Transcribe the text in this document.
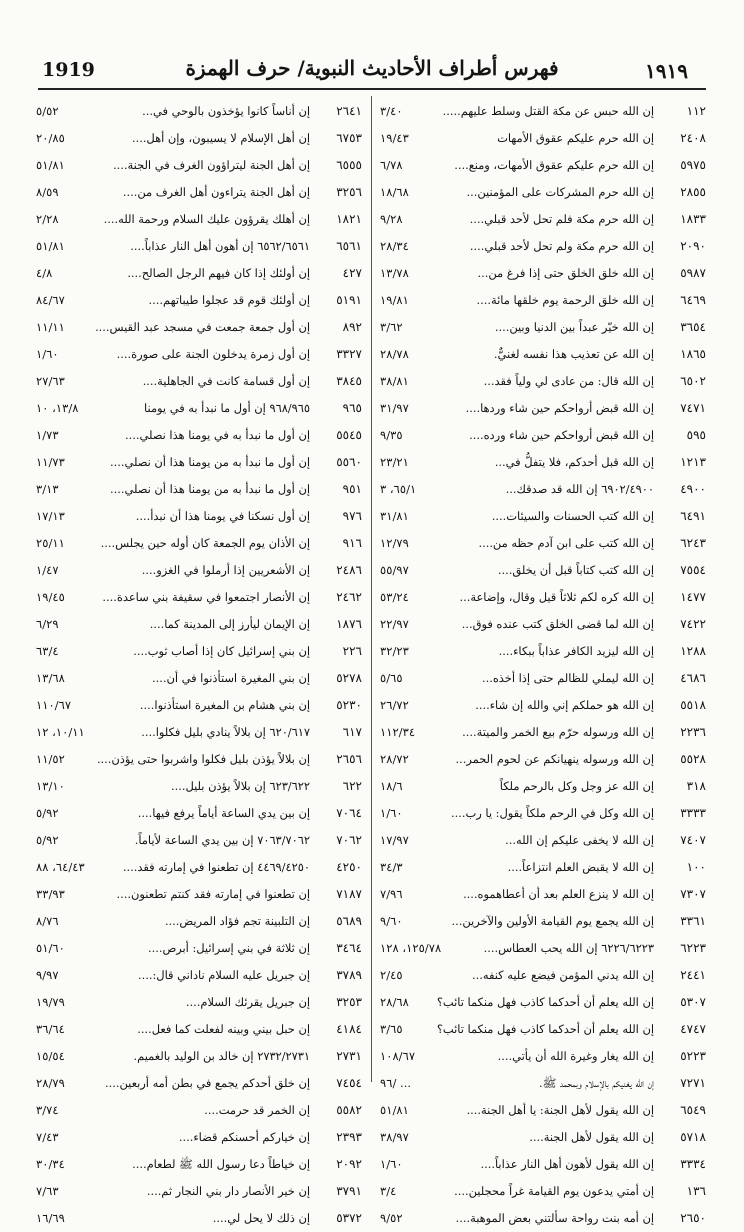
1919	فهرس أطراف الأحاديث النبوية/ حرف الهمزة	١٩١٩
١١٢
إن الله حبس عن مكة القتل وسلط عليهم.....
٣/٤٠
٢٤٠٨
إن الله حرم عليكم عقوق الأمهات
١٩/٤٣
٥٩٧٥
إن الله حرم عليكم عقوق الأمهات، ومنع....
٦/٧٨
٢٨٥٥
إن الله حرم المشركات على المؤمنين...
١٨/٦٨
١٨٣٣
إن الله حرم مكة فلم تحل لأحد قبلي....
٩/٢٨
٢٠٩٠
إن الله حرم مكة ولم تحل لأحد قبلي....
٢٨/٣٤
٥٩٨٧
إن الله خلق الخلق حتى إذا فرغ من...
١٣/٧٨
٦٤٦٩
إن الله خلق الرحمة يوم خلقها مائة....
١٩/٨١
٣٦٥٤
إن الله خيّر عبداً بين الدنيا وبين....
٣/٦٢
١٨٦٥
إن الله عن تعذيب هذا نفسه لغنيٌّ.
٢٨/٧٨
٦٥٠٢
إن الله قال: من عادى لي ولياً فقد...
٣٨/٨١
٧٤٧١
إن الله قبض أرواحكم حين شاء وردها....
٣١/٩٧
٥٩٥
إن الله قبض أرواحكم حين شاء ورده....
٩/٣٥
١٢١٣
إن الله قبل أحدكم، فلا يتفلُّ في...
٢٣/٢١
٤٩٠٠
٦٩٠٢/٤٩٠٠ إن الله قد صدقك...
٦٥/١، ٣
٦٤٩١
إن الله كتب الحسنات والسيئات....
٣١/٨١
٦٢٤٣
إن الله كتب على ابن آدم حظه من....
١٢/٧٩
٧٥٥٤
إن الله كتب كتاباً قبل أن يخلق....
٥٥/٩٧
١٤٧٧
إن الله كره لكم ثلاثاً قيل وقال، وإضاعة...
٥٣/٢٤
٧٤٢٢
إن الله لما قضى الخلق كتب عنده فوق...
٢٢/٩٧
١٢٨٨
إن الله ليزيد الكافر عذاباً ببكاء....
٣٢/٢٣
٤٦٨٦
إن الله ليملي للظالم حتى إذا أخذه...
٥/٦٥
٥٥١٨
إن الله هو حملكم إني والله إن شاء....
٢٦/٧٢
٢٢٣٦
إن الله ورسوله حرّم بيع الخمر والميتة....
١١٢/٣٤
٥٥٢٨
إن الله ورسوله ينهيانكم عن لحوم الحمر...
٢٨/٧٢
٣١٨
إن الله عز وجل وكل بالرحم ملكاً
١٨/٦
٣٣٣٣
إن الله وكل في الرحم ملكاً يقول: يا رب....
١/٦٠
٧٤٠٧
إن الله لا يخفى عليكم إن الله...
١٧/٩٧
١٠٠
إن الله لا يقبض العلم انتزاعاً....
٣٤/٣
٧٣٠٧
إن الله لا ينزع العلم بعد أن أعطاهموه....
٧/٩٦
٣٣٦١
إن الله يجمع يوم القيامة الأولين والآخرين...
٩/٦٠
٦٢٢٣
٦٢٢٦/٦٢٢٣ إن الله يحب العطاس....
١٢٥/٧٨، ١٢٨
٢٤٤١
إن الله يدني المؤمن فيضع عليه كنفه...
٢/٤٥
٥٣٠٧
إن الله يعلم أن أحدكما كاذب فهل منكما تائب؟
٢٨/٦٨
٤٧٤٧
إن الله يعلم أن أحدكما كاذب فهل منكما تائب؟
٣/٦٥
٥٢٢٣
إن الله يغار وغيرة الله أن يأتي....
١٠٨/٦٧
٧٢٧١
إن الله يغنيكم بالإسلام وبمحمد ﷺ.
... /٩٦
٦٥٤٩
إن الله يقول لأهل الجنة: يا أهل الجنة....
٥١/٨١
٥٧١٨
إن الله يقول لأهل الجنة....
٣٨/٩٧
٣٣٣٤
إن الله يقول لأهون أهل النار عذاباً....
١/٦٠
١٣٦
إن أمتي يدعون يوم القيامة غراً محجلين....
٣/٤
٢٦٥٠
إن أمه بنت رواحة سألتني بعض الموهبة....
٩/٥٢
٢٦٤١
إن أناساً كانوا يؤخذون بالوحي في...
٥/٥٢
٦٧٥٣
إن أهل الإسلام لا يسيبون، وإن أهل....
٢٠/٨٥
٦٥٥٥
إن أهل الجنة ليتراؤون الغرف في الجنة....
٥١/٨١
٣٢٥٦
إن أهل الجنة يتراءون أهل الغرف من....
٨/٥٩
١٨٢١
إن أهلك يقرؤون عليك السلام ورحمة الله....
٢/٢٨
٦٥٦١
٦٥٦٢/٦٥٦١ إن أهون أهل النار عذاباً....
٥١/٨١
٤٢٧
إن أولئك إذا كان فيهم الرجل الصالح....
٤/٨
٥١٩١
إن أولئك قوم قد عجلوا طيباتهم....
٨٤/٦٧
٨٩٢
إن أول جمعة جمعت في مسجد عبد القيس....
١١/١١
٣٣٢٧
إن أول زمرة يدخلون الجنة على صورة....
١/٦٠
٣٨٤٥
إن أول قسامة كانت في الجاهلية....
٢٧/٦٣
٩٦٥
٩٦٨/٩٦٥ إن أول ما نبدأ به في يومنا
١٣/٨، ١٠
٥٥٤٥
إن أول ما نبدأ به في يومنا هذا نصلي....
١/٧٣
٥٥٦٠
إن أول ما نبدأ به من يومنا هذا أن نصلي....
١١/٧٣
٩٥١
إن أول ما نبدأ به من يومنا هذا أن نصلي....
٣/١٣
٩٧٦
إن أول نسكنا في يومنا هذا أن نبدأ....
١٧/١٣
٩١٦
إن الأذان يوم الجمعة كان أوله حين يجلس....
٢٥/١١
٢٤٨٦
إن الأشعريين إذا أرملوا في الغزو....
١/٤٧
٢٤٦٢
إن الأنصار اجتمعوا في سقيفة بني ساعدة....
١٩/٤٥
١٨٧٦
إن الإيمان ليأرز إلى المدينة كما....
٦/٢٩
٢٢٦
إن بني إسرائيل كان إذا أصاب ثوب....
٦٣/٤
٥٢٧٨
إن بني المغيرة استأذنوا في أن....
١٣/٦٨
٥٢٣٠
إن بني هشام بن المغيرة استأذنوا....
١١٠/٦٧
٦١٧
٦٢٠/٦١٧ إن بلالاً ينادي بليل فكلوا....
١٠/١١، ١٢
٢٦٥٦
إن بلالاً يؤذن بليل فكلوا واشربوا حتى يؤذن....
١١/٥٢
٦٢٢
٦٢٣/٦٢٢ إن بلالاً يؤذن بليل....
١٣/١٠
٧٠٦٤
إن بين يدي الساعة أياماً يرفع فيها....
٥/٩٢
٧٠٦٢
٧٠٦٣/٧٠٦٢ إن بين يدي الساعة لأياماً.
٥/٩٢
٤٢٥٠
٤٤٦٩/٤٢٥٠ إن تطعنوا في إمارته فقد....
٦٤/٤٣، ٨٨
٧١٨٧
إن تطعنوا في إمارته فقد كنتم تطعنون....
٣٣/٩٣
٥٦٨٩
إن التلبينة تجم فؤاد المريض....
٨/٧٦
٣٤٦٤
إن ثلاثة في بني إسرائيل: أبرص....
٥١/٦٠
٣٧٨٩
إن جبريل عليه السلام ناداني قال:....
٩/٩٧
٣٢٥٣
إن جبريل يقرئك السلام....
١٩/٧٩
٤١٨٤
إن حبل بيني وبينه لفعلت كما فعل....
٣٦/٦٤
٢٧٣١
٢٧٣٢/٢٧٣١ إن خالد بن الوليد بالغميم.
١٥/٥٤
٧٤٥٤
إن خلق أحدكم يجمع في بطن أمه أربعين....
٢٨/٧٩
٥٥٨٢
إن الخمر قد حرمت....
٣/٧٤
٢٣٩٣
إن خياركم أحسنكم قضاء....
٧/٤٣
٢٠٩٢
إن خياطاً دعا رسول الله ﷺ لطعام....
٣٠/٣٤
٣٧٩١
إن خير الأنصار دار بني النجار ثم....
٧/٦٣
٥٣٧٢
إن ذلك لا يحل لي....
١٦/٦٩
